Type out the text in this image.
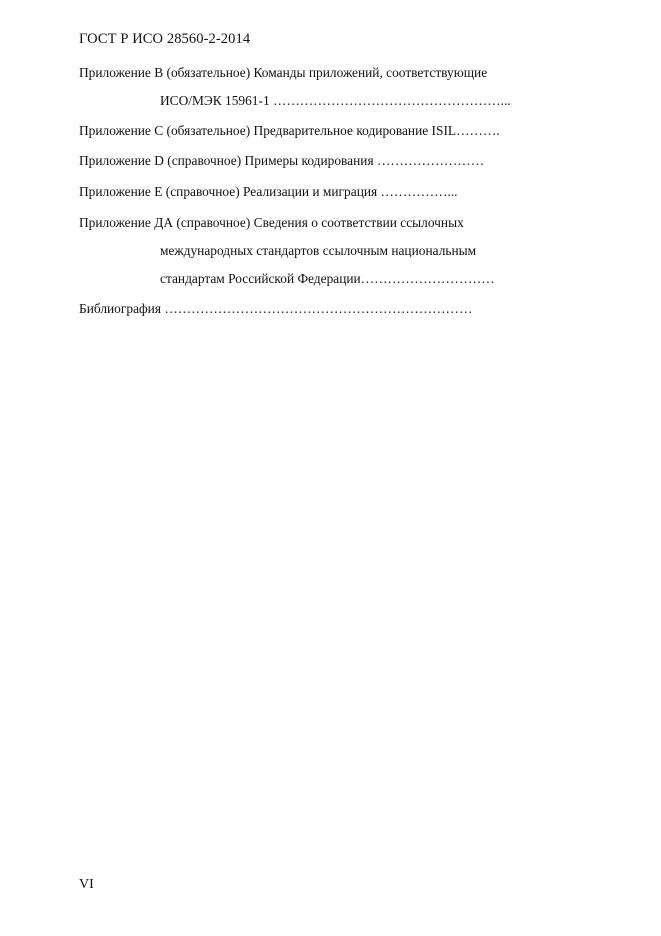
ГОСТ Р ИСО 28560-2-2014
Приложение В (обязательное) Команды приложений, соответствующие
ИСО/МЭК 15961-1 ……………………………………………...
Приложение С (обязательное) Предварительное кодирование ISIL……….
Приложение D (справочное) Примеры кодирования ……………………
Приложение Е (справочное) Реализации и миграция ……………...
Приложение ДА (справочное) Сведения о соответствии ссылочных
международных стандартов ссылочным национальным
стандартам Российской Федерации…………………………
Библиография ……………………………………………………………
VI
